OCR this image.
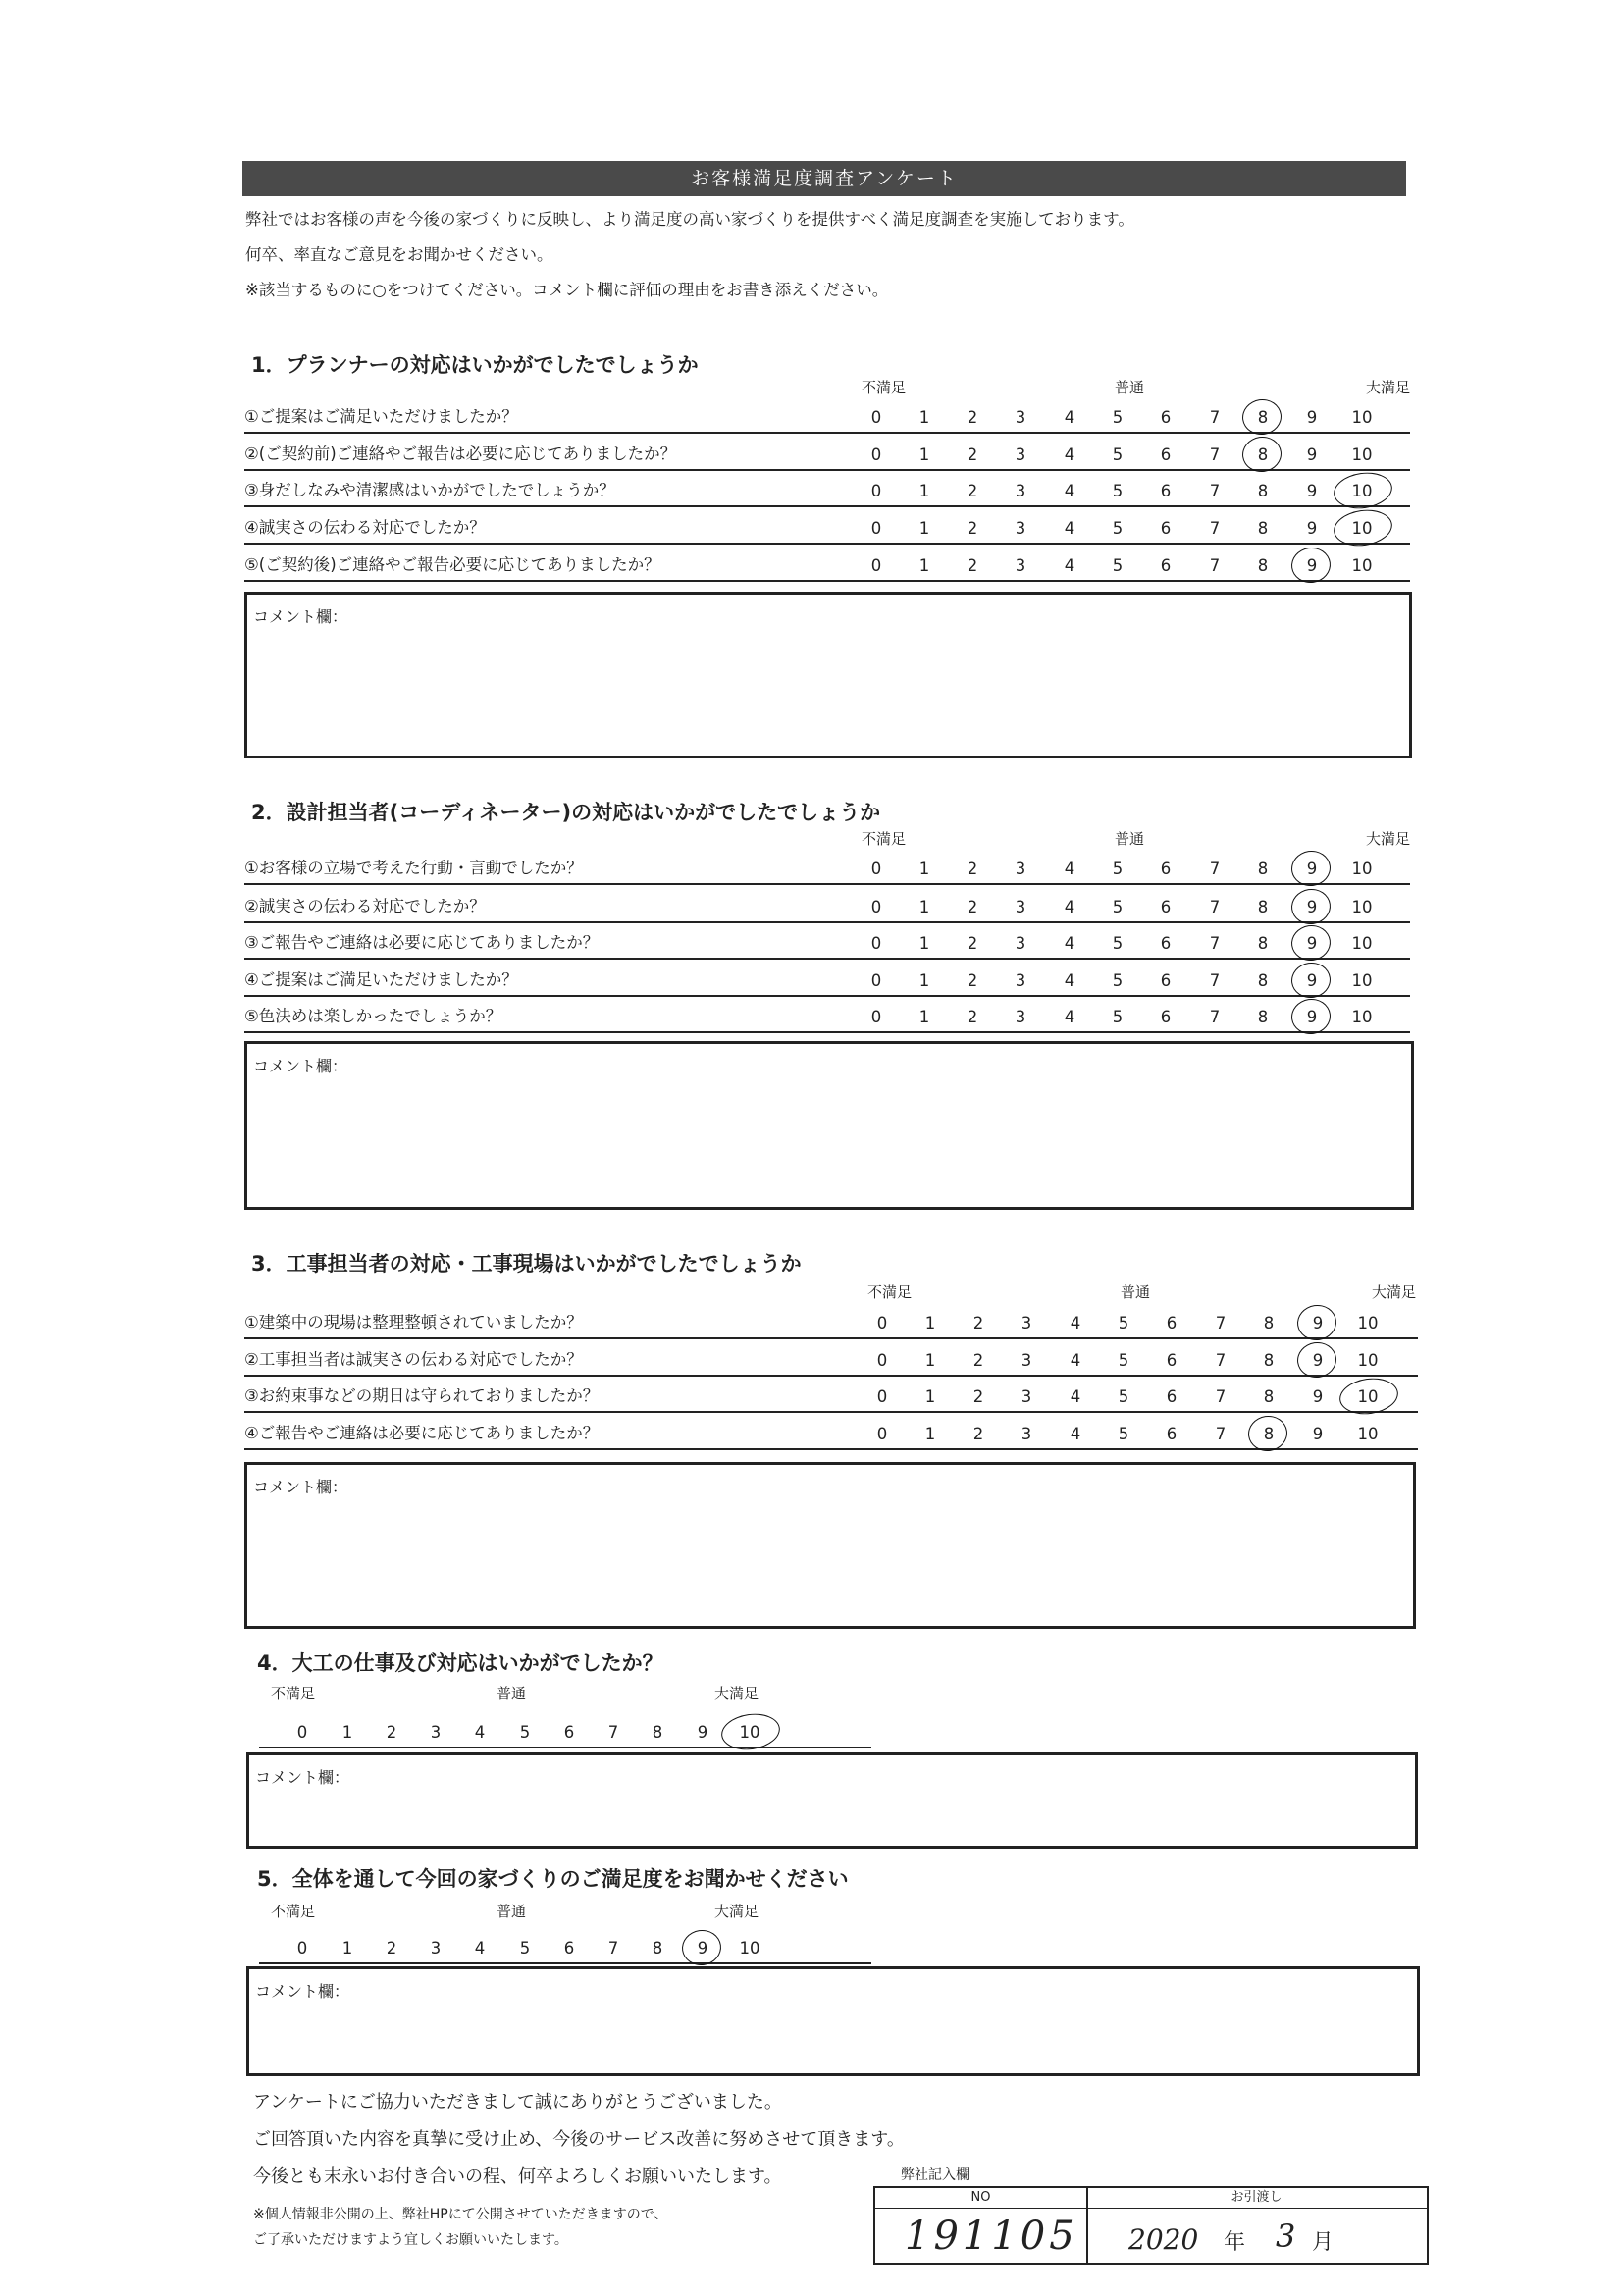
お客様満足度調査アンケート
弊社ではお客様の声を今後の家づくりに反映し、より満足度の高い家づくりを提供すべく満足度調査を実施しております。
何卒、率直なご意見をお聞かせください。
※該当するものに○をつけてください。コメント欄に評価の理由をお書き添えください。
1．プランナーの対応はいかがでしたでしょうか
不満足	普通	大満足
①ご提案はご満足いただけましたか？	0	1	2	3	4	5	6	7	8	9	10
②(ご契約前)ご連絡やご報告は必要に応じてありましたか？	0	1	2	3	4	5	6	7	8	9	10
③身だしなみや清潔感はいかがでしたでしょうか？	0	1	2	3	4	5	6	7	8	9	10
④誠実さの伝わる対応でしたか？	0	1	2	3	4	5	6	7	8	9	10
⑤(ご契約後)ご連絡やご報告必要に応じてありましたか？	0	1	2	3	4	5	6	7	8	9	10
コメント欄：
2．設計担当者(コーディネーター)の対応はいかがでしたでしょうか
不満足	普通	大満足
①お客様の立場で考えた行動・言動でしたか？	0	1	2	3	4	5	6	7	8	9	10
②誠実さの伝わる対応でしたか？	0	1	2	3	4	5	6	7	8	9	10
③ご報告やご連絡は必要に応じてありましたか？	0	1	2	3	4	5	6	7	8	9	10
④ご提案はご満足いただけましたか？	0	1	2	3	4	5	6	7	8	9	10
⑤色決めは楽しかったでしょうか？	0	1	2	3	4	5	6	7	8	9	10
コメント欄：
3．工事担当者の対応・工事現場はいかがでしたでしょうか
不満足	普通	大満足
①建築中の現場は整理整頓されていましたか？	0	1	2	3	4	5	6	7	8	9	10
②工事担当者は誠実さの伝わる対応でしたか？	0	1	2	3	4	5	6	7	8	9	10
③お約束事などの期日は守られておりましたか？	0	1	2	3	4	5	6	7	8	9	10
④ご報告やご連絡は必要に応じてありましたか？	0	1	2	3	4	5	6	7	8	9	10
コメント欄：
4．大工の仕事及び対応はいかがでしたか？
不満足	普通	大満足
0	1	2	3	4	5	6	7	8	9	10
コメント欄：
5．全体を通して今回の家づくりのご満足度をお聞かせください
不満足	普通	大満足
0	1	2	3	4	5	6	7	8	9	10
コメント欄：
アンケートにご協力いただきまして誠にありがとうございました。
ご回答頂いた内容を真摯に受け止め、今後のサービス改善に努めさせて頂きます。
今後とも末永いお付き合いの程、何卒よろしくお願いいたします。
※個人情報非公開の上、弊社HPにて公開させていただきますので、
ご了承いただけますよう宜しくお願いいたします。
弊社記入欄
NO	お引渡し
191105 2020 年 3 月
